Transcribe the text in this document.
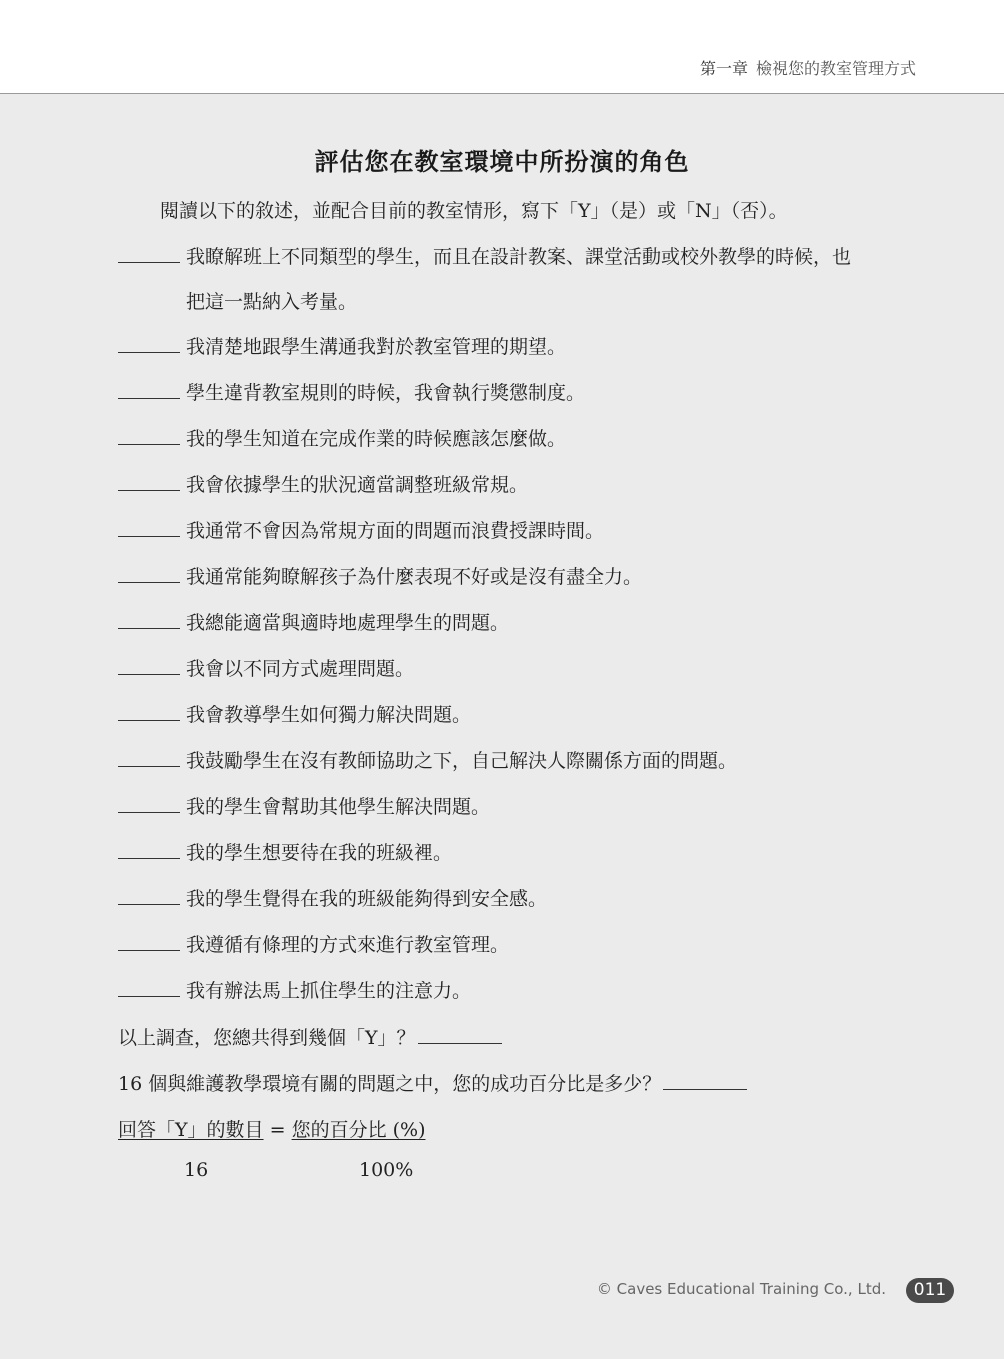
第一章 檢視您的教室管理方式
評估您在教室環境中所扮演的角色
閱讀以下的敘述，並配合目前的教室情形，寫下「Y」（是）或「N」（否）。
我瞭解班上不同類型的學生，而且在設計教案、課堂活動或校外教學的時候，也
把這一點納入考量。
我清楚地跟學生溝通我對於教室管理的期望。
學生違背教室規則的時候，我會執行獎懲制度。
我的學生知道在完成作業的時候應該怎麼做。
我會依據學生的狀況適當調整班級常規。
我通常不會因為常規方面的問題而浪費授課時間。
我通常能夠瞭解孩子為什麼表現不好或是沒有盡全力。
我總能適當與適時地處理學生的問題。
我會以不同方式處理問題。
我會教導學生如何獨力解決問題。
我鼓勵學生在沒有教師協助之下，自己解決人際關係方面的問題。
我的學生會幫助其他學生解決問題。
我的學生想要待在我的班級裡。
我的學生覺得在我的班級能夠得到安全感。
我遵循有條理的方式來進行教室管理。
我有辦法馬上抓住學生的注意力。
以上調查，您總共得到幾個「Y」？
16 個與維護教學環境有關的問題之中，您的成功百分比是多少？
回答「Y」的數目 = 您的百分比 (%)
16	100%
© Caves Educational Training Co., Ltd.	011
